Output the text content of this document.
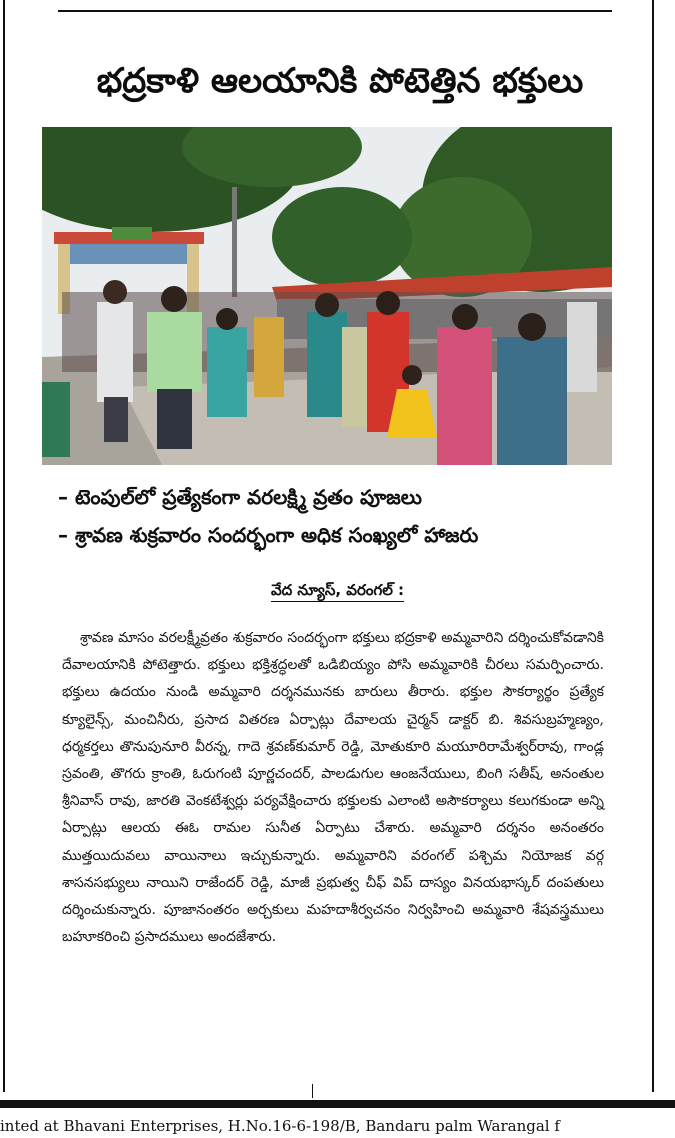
భద్రకాళి ఆలయానికి పోటెత్తిన భక్తులు
– టెంపుల్‌లో ప్రత్యేకంగా వరలక్ష్మి వ్రతం పూజలు
– శ్రావణ శుక్రవారం సందర్భంగా అధిక సంఖ్యలో హాజరు
వేద న్యూస్‌, వరంగల్‌ :

శ్రావణ మాసం వరలక్ష్మీవ్రతం శుక్రవారం సందర్భంగా భక్తులు భద్రకాళి అమ్మవారిని దర్శించుకోవడానికి దేవాలయానికి పోటెత్తారు. భక్తులు భక్తిశ్రద్ధలతో ఒడిబియ్యం పోసి అమ్మవారికి చీరలు సమర్పించారు. భక్తులు ఉదయం నుండి అమ్మవారి దర్శనమునకు బారులు తీరారు. భక్తుల సౌకర్యార్థం ప్రత్యేక క్యూలైన్స్‌, మంచినీరు, ప్రసాద వితరణ ఏర్పాట్లు దేవాలయ చైర్మన్‌ డాక్టర్‌ బి. శివసుబ్రహ్మణ్యం, ధర్మకర్తలు తొనుపునూరి వీరన్న, గాదె శ్రవణ్‌కుమార్‌ రెడ్డి, మోతుకూరి మయూరిరామేశ్వర్‌రావు, గాండ్ల స్రవంతి, తొగరు క్రాంతి, ఓరుగంటి పూర్ణచందర్‌, పాలడుగుల ఆంజనేయులు, బింగి సతీష్‌, అనంతుల శ్రీనివాస్‌ రావు, జారతి వెంకటేశ్వర్లు పర్యవేక్షించారు భక్తులకు ఎలాంటి అసౌకర్యాలు కలుగకుండా అన్ని ఏర్పాట్లు ఆలయ ఈఓ రామల సునీత ఏర్పాటు చేశారు. అమ్మవారి దర్శనం అనంతరం ముత్తయిదువలు వాయినాలు ఇచ్చుకున్నారు. అమ్మవారిని వరంగల్‌ పశ్చిమ నియోజక వర్గ శాసనసభ్యులు నాయిని రాజేందర్‌ రెడ్డి, మాజీ ప్రభుత్వ చీఫ్‌ విప్‌ దాస్యం వినయభాస్కర్‌ దంపతులు దర్శించుకున్నారు. పూజానంతరం అర్చకులు మహదాశీర్వచనం నిర్వహించి అమ్మవారి శేషవస్త్రములు బహూకరించి ప్రసాదములు అందజేశారు.

inted at Bhavani Enterprises, H.No.16-6-198/B, Bandaru palm Warangal f
